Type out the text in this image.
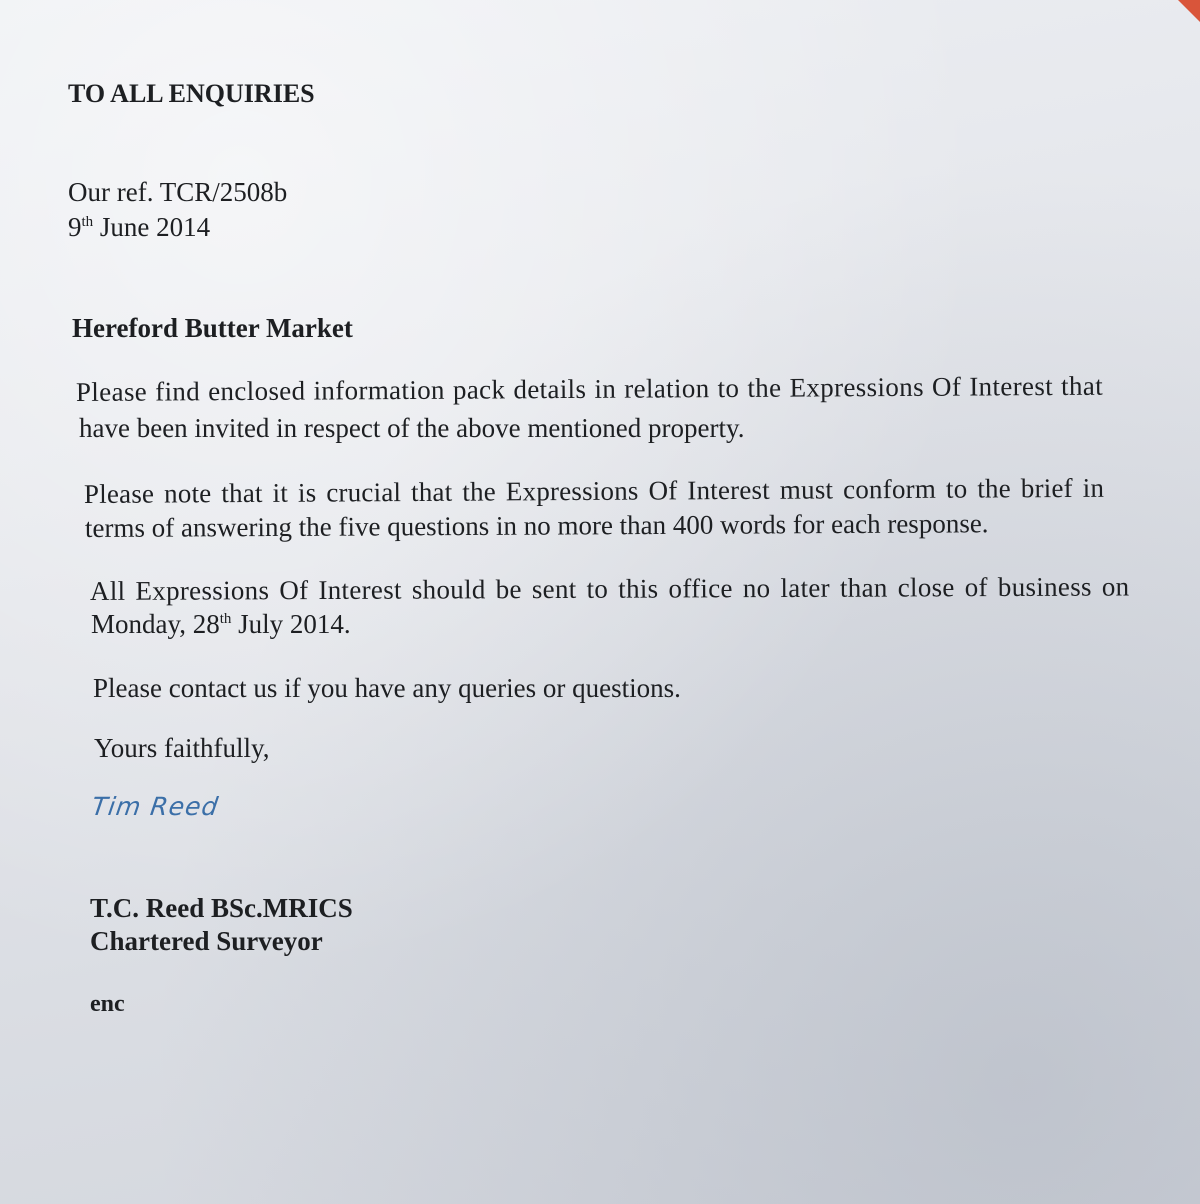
TO ALL ENQUIRIES
Our ref. TCR/2508b
9th June 2014
Hereford Butter Market
Please find enclosed information pack details in relation to the Expressions Of Interest that
have been invited in respect of the above mentioned property.
Please note that it is crucial that the Expressions Of Interest must conform to the brief in
terms of answering the five questions in no more than 400 words for each response.
All Expressions Of Interest should be sent to this office no later than close of business on
Monday, 28th July 2014.
Please contact us if you have any queries or questions.
Yours faithfully,
Tim Reed
T.C. Reed BSc.MRICS
Chartered Surveyor
enc
